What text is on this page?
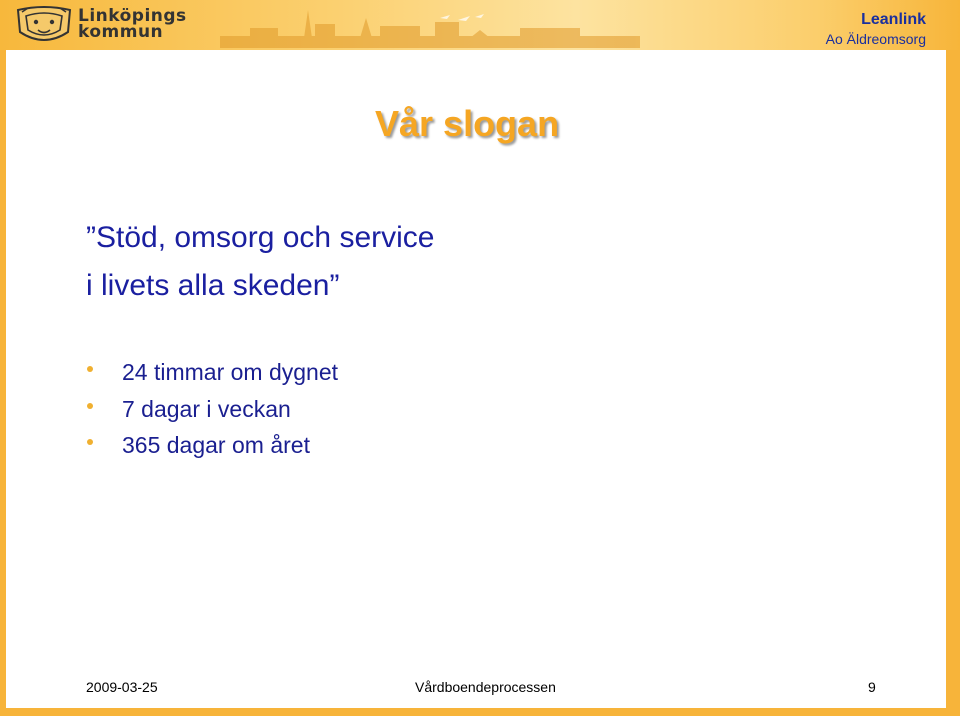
Linköpings
kommun
Leanlink
Ao Äldreomsorg
Vår slogan
”Stöd, omsorg och service
i livets alla skeden”
24 timmar om dygnet
7 dagar i veckan
365 dagar om året
2009-03-25	Vårdboendeprocessen	9
